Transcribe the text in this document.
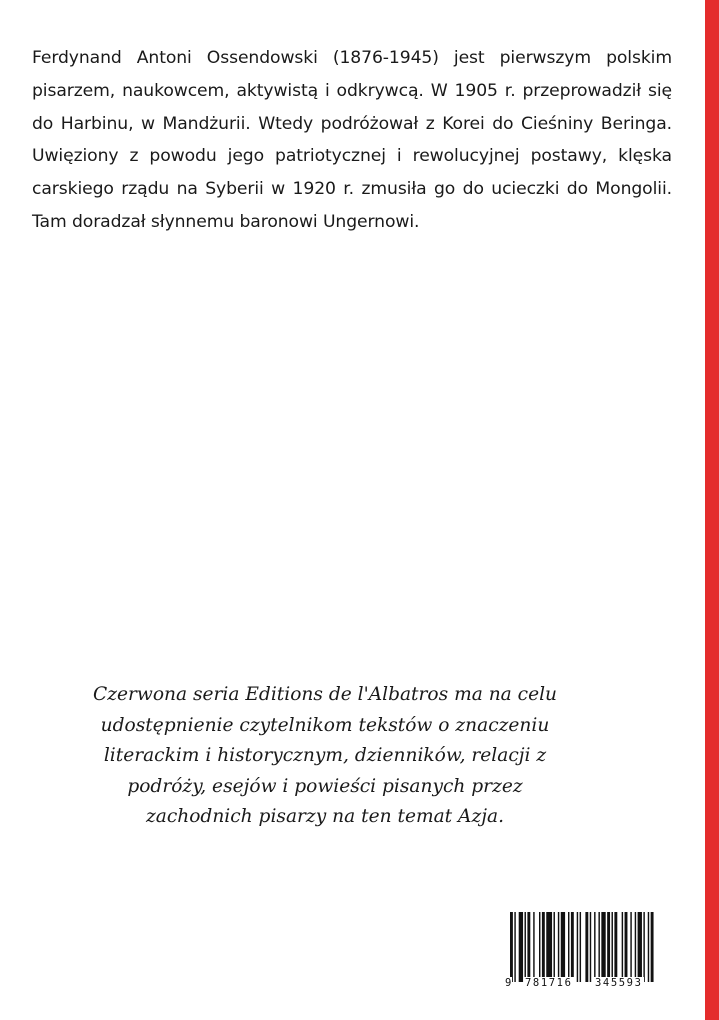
Ferdynand Antoni Ossendowski (1876-1945) jest pierwszym polskim pisarzem, naukowcem, aktywistą i odkrywcą. W 1905 r. przeprowadził się do Harbinu, w Mandżurii. Wtedy podróżował z Korei do Cieśniny Beringa. Uwięziony z powodu jego patriotycznej i rewolucyjnej postawy, klęska carskiego rządu na Syberii w 1920 r. zmusiła go do ucieczki do Mongolii. Tam doradzał słynnemu baronowi Ungernowi.

Czerwona seria Editions de l'Albatros ma na celu udostępnienie czytelnikom tekstów o znaczeniu literackim i historycznym, dzienników, relacji z podróży, esejów i powieści pisanych przez zachodnich pisarzy na ten temat Azja.

9 781716 345593
